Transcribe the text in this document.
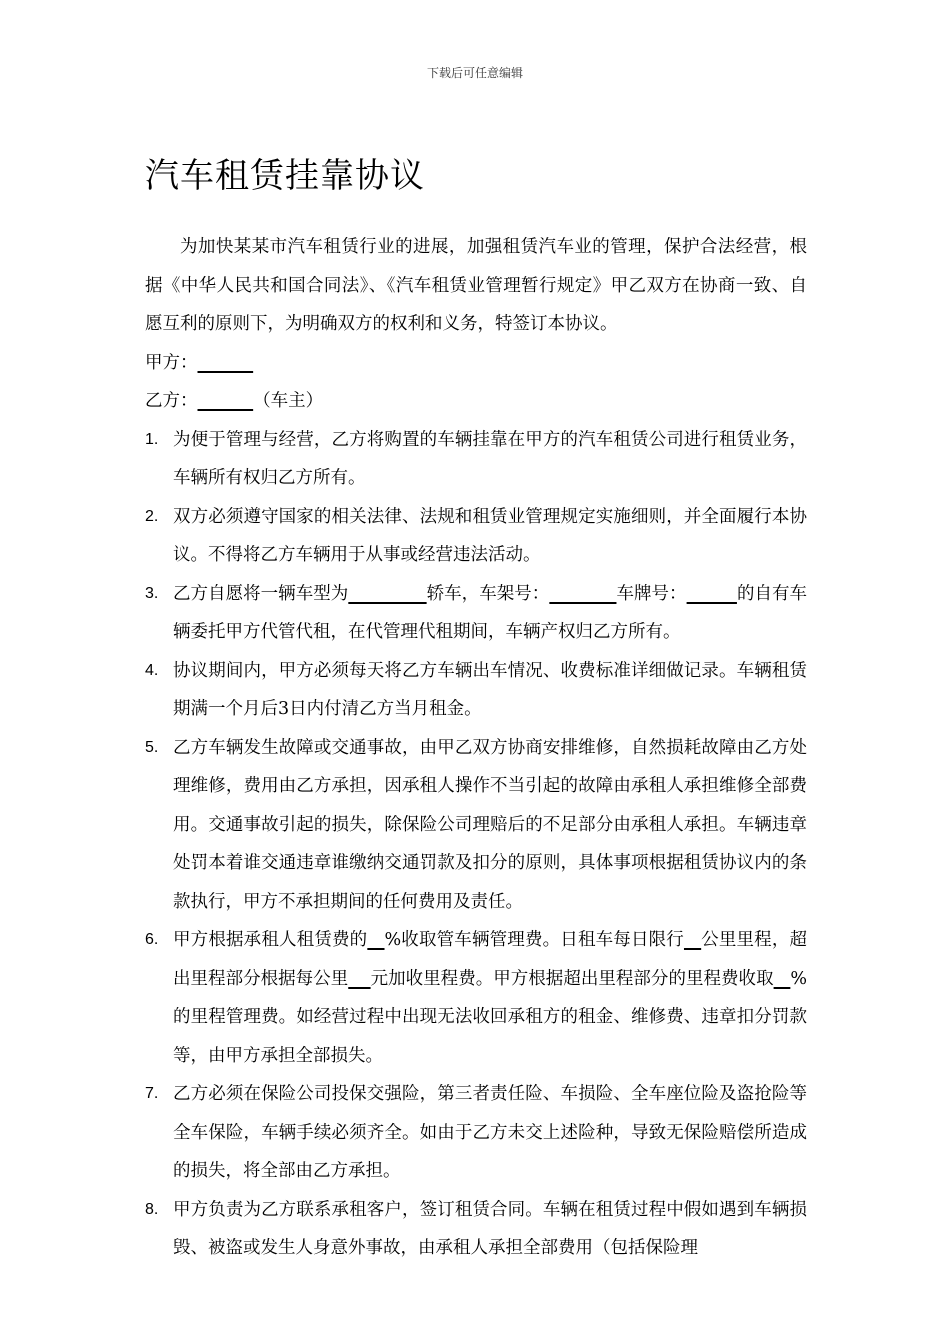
下载后可任意编辑
汽车租赁挂靠协议
为加快某某市汽车租赁行业的进展，加强租赁汽车业的管理，保护合法经营，根据《中华人民共和国合同法》、《汽车租赁业管理暂行规定》甲乙双方在协商一致、自愿互利的原则下，为明确双方的权利和义务，特签订本协议。
甲方：
乙方：	（车主）
1. 为便于管理与经营，乙方将购置的车辆挂靠在甲方的汽车租赁公司进行租赁业务，车辆所有权归乙方所有。
2. 双方必须遵守国家的相关法律、法规和租赁业管理规定实施细则，并全面履行本协议。不得将乙方车辆用于从事或经营违法活动。
3. 乙方自愿将一辆车型为	轿车，车架号：	车牌号：	的自有车辆委托甲方代管代租，在代管理代租期间，车辆产权归乙方所有。
4. 协议期间内，甲方必须每天将乙方车辆出车情况、收费标准详细做记录。车辆租赁期满一个月后3日内付清乙方当月租金。
5. 乙方车辆发生故障或交通事故，由甲乙双方协商安排维修，自然损耗故障由乙方处理维修，费用由乙方承担，因承租人操作不当引起的故障由承租人承担维修全部费用。交通事故引起的损失，除保险公司理赔后的不足部分由承租人承担。车辆违章处罚本着谁交通违章谁缴纳交通罚款及扣分的原则，具体事项根据租赁协议内的条款执行，甲方不承担期间的任何费用及责任。
6. 甲方根据承租人租赁费的 %收取管车辆管理费。日租车每日限行 公里里程，超出里程部分根据每公里 元加收里程费。甲方根据超出里程部分的里程费收取 %的里程管理费。如经营过程中出现无法收回承租方的租金、维修费、违章扣分罚款等，由甲方承担全部损失。
7. 乙方必须在保险公司投保交强险，第三者责任险、车损险、全车座位险及盗抢险等全车保险，车辆手续必须齐全。如由于乙方未交上述险种，导致无保险赔偿所造成的损失，将全部由乙方承担。
8. 甲方负责为乙方联系承租客户，签订租赁合同。车辆在租赁过程中假如遇到车辆损毁、被盗或发生人身意外事故，由承租人承担全部费用（包括保险理
